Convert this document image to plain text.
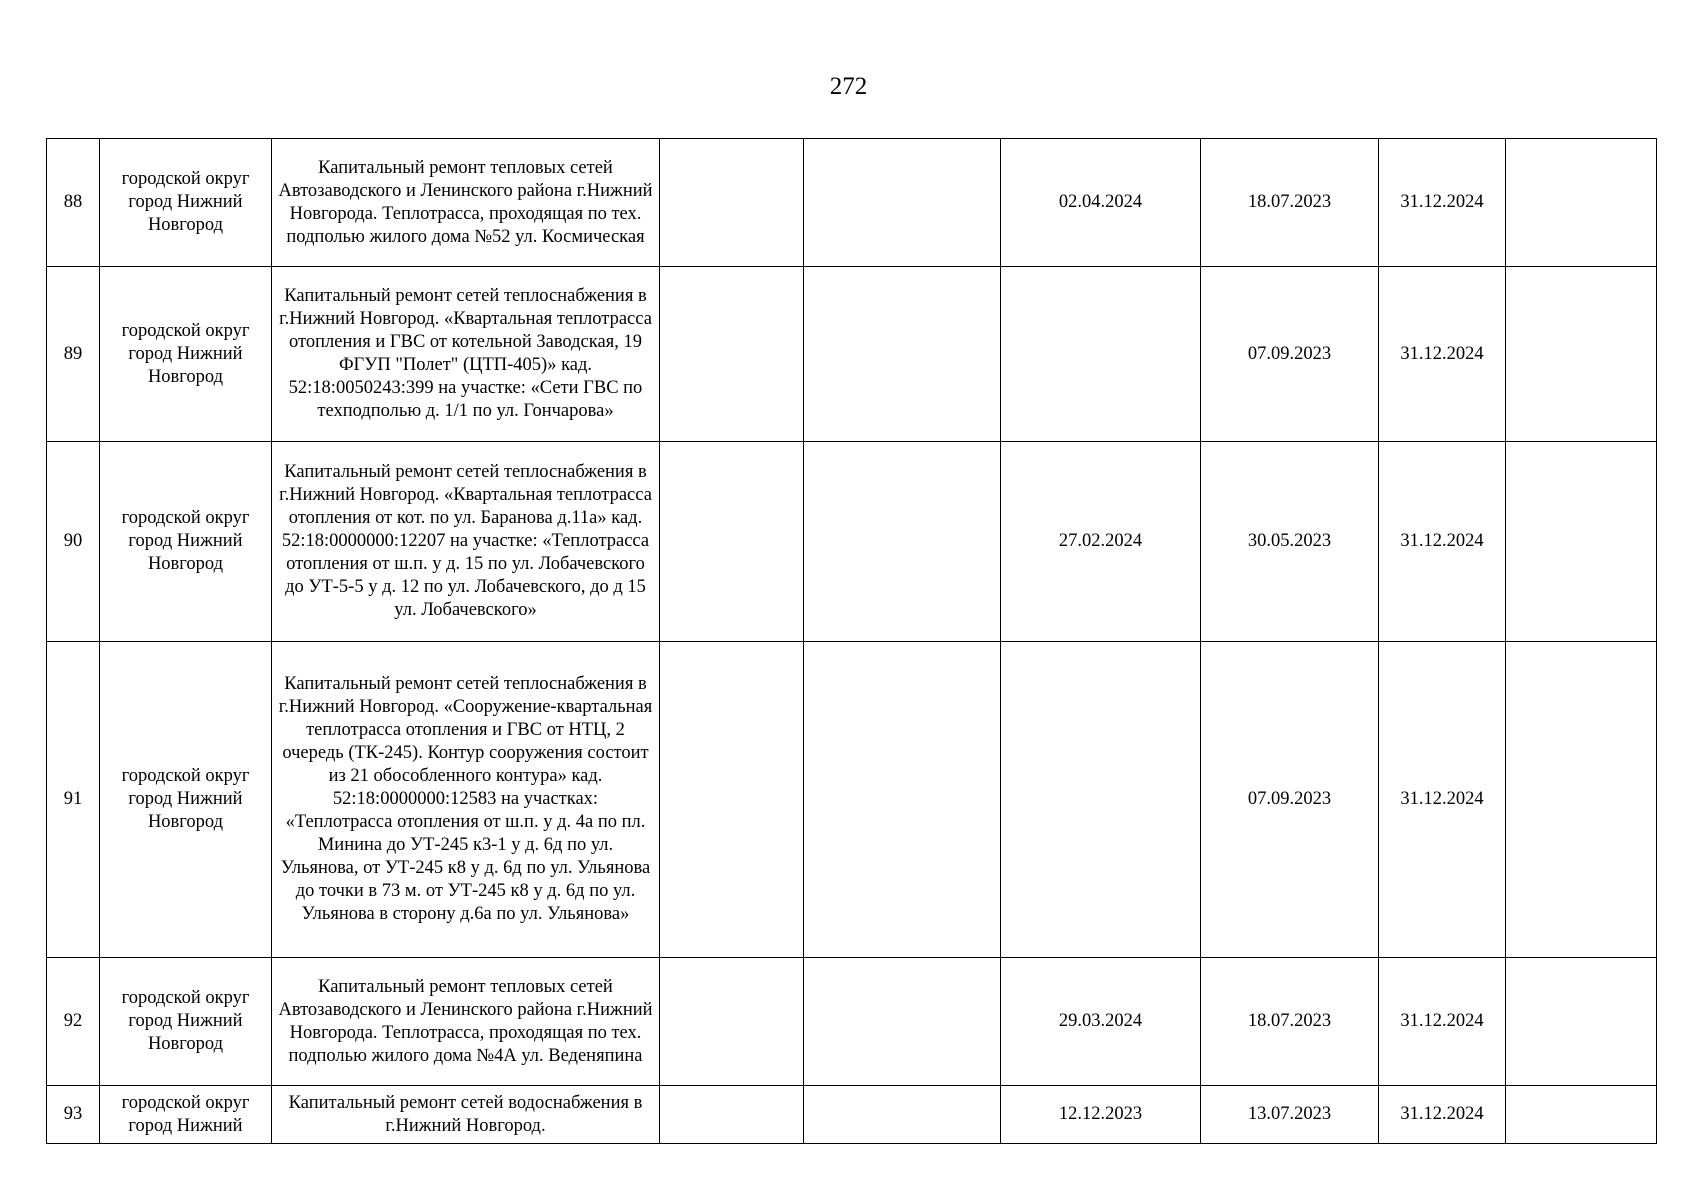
272
88	городской округ город Нижний Новгород	Капитальный ремонт тепловых сетей Автозаводского и Ленинского района г.Нижний Новгорода. Теплотрасса, проходящая по тех. подполью жилого дома №52 ул. Космическая			02.04.2024	18.07.2023	31.12.2024	
89	городской округ город Нижний Новгород	Капитальный ремонт сетей теплоснабжения в г.Нижний Новгород. «Квартальная теплотрасса отопления и ГВС от котельной Заводская, 19 ФГУП "Полет" (ЦТП-405)» кад. 52:18:0050243:399 на участке: «Сети ГВС по техподполью д. 1/1 по ул. Гончарова»				07.09.2023	31.12.2024	
90	городской округ город Нижний Новгород	Капитальный ремонт сетей теплоснабжения в г.Нижний Новгород. «Квартальная теплотрасса отопления от кот. по ул. Баранова д.11а» кад. 52:18:0000000:12207 на участке: «Теплотрасса отопления от ш.п. у д. 15 по ул. Лобачевского до УТ-5-5 у д. 12 по ул. Лобачевского, до д 15 ул. Лобачевского»			27.02.2024	30.05.2023	31.12.2024	
91	городской округ город Нижний Новгород	Капитальный ремонт сетей теплоснабжения в г.Нижний Новгород. «Сооружение-квартальная теплотрасса отопления и ГВС от НТЦ, 2 очередь (ТК-245). Контур сооружения состоит из 21 обособленного контура» кад. 52:18:0000000:12583 на участках: «Теплотрасса отопления от ш.п. у д. 4а по пл. Минина до УТ-245 к3-1 у д. 6д по ул. Ульянова, от УТ-245 к8 у д. 6д по ул. Ульянова до точки в 73 м. от УТ-245 к8 у д. 6д по ул. Ульянова в сторону д.6а по ул. Ульянова»				07.09.2023	31.12.2024	
92	городской округ город Нижний Новгород	Капитальный ремонт тепловых сетей Автозаводского и Ленинского района г.Нижний Новгорода. Теплотрасса, проходящая по тех. подполью жилого дома №4А ул. Веденяпина			29.03.2024	18.07.2023	31.12.2024	
93	городской округ город Нижний	Капитальный ремонт сетей водоснабжения в г.Нижний Новгород.			12.12.2023	13.07.2023	31.12.2024	
